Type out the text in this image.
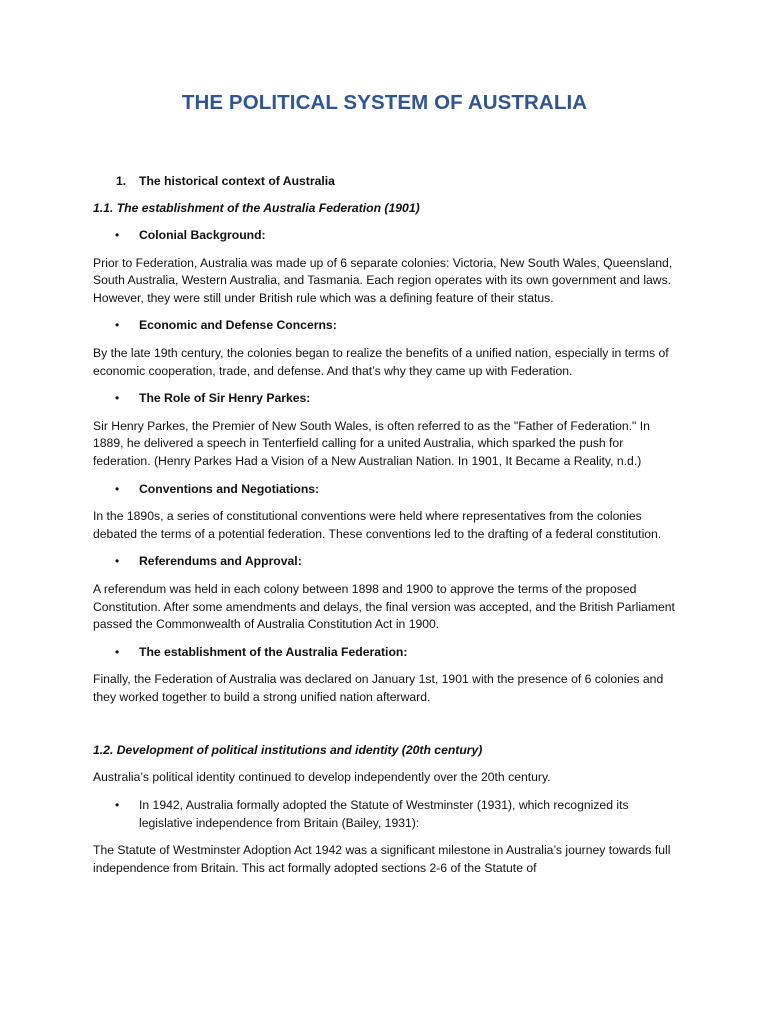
THE POLITICAL SYSTEM OF AUSTRALIA
1.	The historical context of Australia

1.1. The establishment of the Australia Federation (1901)

•	Colonial Background:

Prior to Federation, Australia was made up of 6 separate colonies: Victoria, New South Wales, Queensland, South Australia, Western Australia, and Tasmania. Each region operates with its own government and laws. However, they were still under British rule which was a defining feature of their status.

•	Economic and Defense Concerns:

By the late 19th century, the colonies began to realize the benefits of a unified nation, especially in terms of economic cooperation, trade, and defense. And that’s why they came up with Federation.

•	The Role of Sir Henry Parkes:

Sir Henry Parkes, the Premier of New South Wales, is often referred to as the "Father of Federation." In 1889, he delivered a speech in Tenterfield calling for a united Australia, which sparked the push for federation. (Henry Parkes Had a Vision of a New Australian Nation. In 1901, It Became a Reality, n.d.)

•	Conventions and Negotiations:

In the 1890s, a series of constitutional conventions were held where representatives from the colonies debated the terms of a potential federation. These conventions led to the drafting of a federal constitution.

•	Referendums and Approval:

A referendum was held in each colony between 1898 and 1900 to approve the terms of the proposed Constitution. After some amendments and delays, the final version was accepted, and the British Parliament passed the Commonwealth of Australia Constitution Act in 1900.

•	The establishment of the Australia Federation:

Finally, the Federation of Australia was declared on January 1st, 1901 with the presence of 6 colonies and they worked together to build a strong unified nation afterward.

1.2. Development of political institutions and identity (20th century)

Australia’s political identity continued to develop independently over the 20th century.

•	In 1942, Australia formally adopted the Statute of Westminster (1931), which recognized its legislative independence from Britain (Bailey, 1931):

The Statute of Westminster Adoption Act 1942 was a significant milestone in Australia’s journey towards full independence from Britain. This act formally adopted sections 2-6 of the Statute of
